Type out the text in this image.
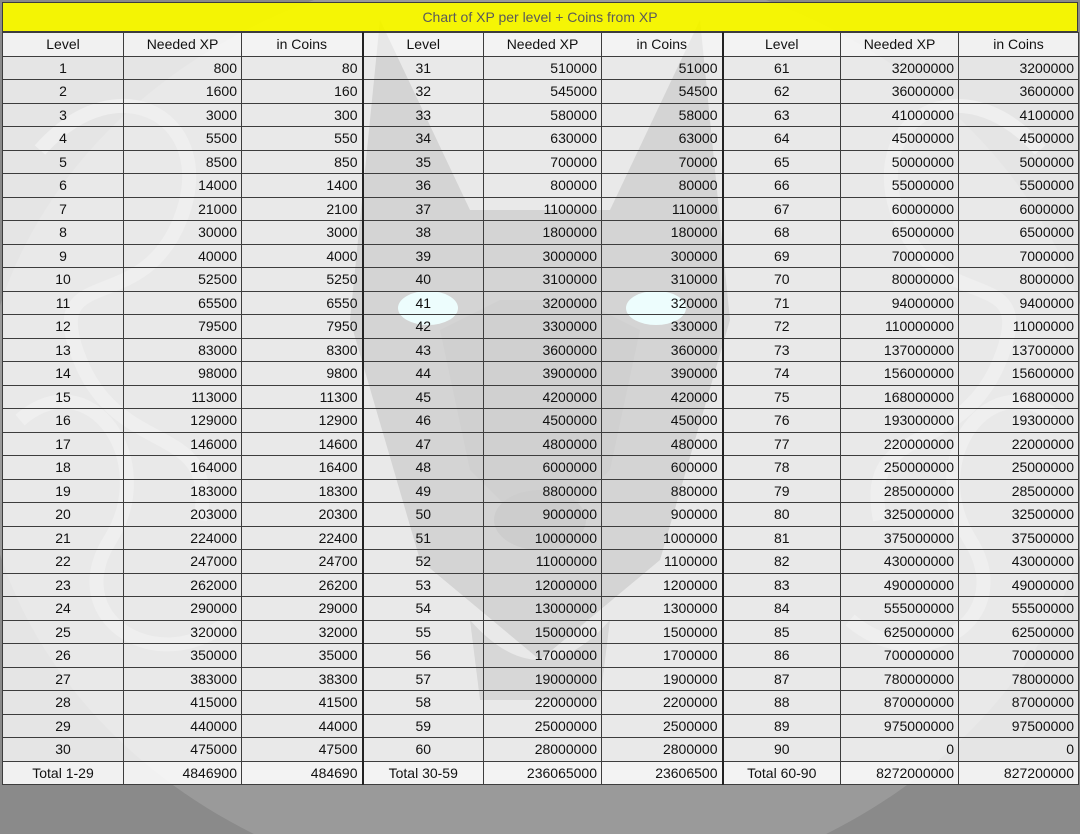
Chart of XP per level + Coins from XP
Level	Needed XP	in Coins	Level	Needed XP	in Coins	Level	Needed XP	in Coins
1	800	80	31	510000	51000	61	32000000	3200000
2	1600	160	32	545000	54500	62	36000000	3600000
3	3000	300	33	580000	58000	63	41000000	4100000
4	5500	550	34	630000	63000	64	45000000	4500000
5	8500	850	35	700000	70000	65	50000000	5000000
6	14000	1400	36	800000	80000	66	55000000	5500000
7	21000	2100	37	1100000	110000	67	60000000	6000000
8	30000	3000	38	1800000	180000	68	65000000	6500000
9	40000	4000	39	3000000	300000	69	70000000	7000000
10	52500	5250	40	3100000	310000	70	80000000	8000000
11	65500	6550	41	3200000	320000	71	94000000	9400000
12	79500	7950	42	3300000	330000	72	110000000	11000000
13	83000	8300	43	3600000	360000	73	137000000	13700000
14	98000	9800	44	3900000	390000	74	156000000	15600000
15	113000	11300	45	4200000	420000	75	168000000	16800000
16	129000	12900	46	4500000	450000	76	193000000	19300000
17	146000	14600	47	4800000	480000	77	220000000	22000000
18	164000	16400	48	6000000	600000	78	250000000	25000000
19	183000	18300	49	8800000	880000	79	285000000	28500000
20	203000	20300	50	9000000	900000	80	325000000	32500000
21	224000	22400	51	10000000	1000000	81	375000000	37500000
22	247000	24700	52	11000000	1100000	82	430000000	43000000
23	262000	26200	53	12000000	1200000	83	490000000	49000000
24	290000	29000	54	13000000	1300000	84	555000000	55500000
25	320000	32000	55	15000000	1500000	85	625000000	62500000
26	350000	35000	56	17000000	1700000	86	700000000	70000000
27	383000	38300	57	19000000	1900000	87	780000000	78000000
28	415000	41500	58	22000000	2200000	88	870000000	87000000
29	440000	44000	59	25000000	2500000	89	975000000	97500000
30	475000	47500	60	28000000	2800000	90	0	0
Total 1-29	4846900	484690	Total 30-59	236065000	23606500	Total 60-90	8272000000	827200000
